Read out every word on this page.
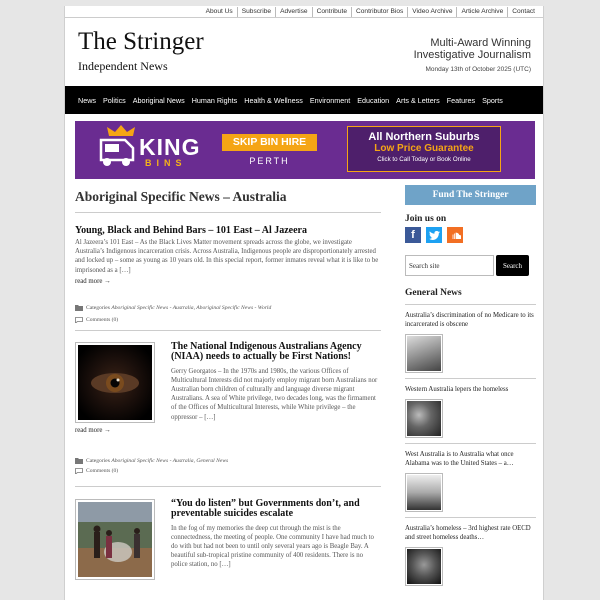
About Us	Subscribe	Advertise	Contribute	Contributor Bios	Video Archive	Article Archive	Contact
The Stringer
Independent News
Multi-Award Winning
Investigative Journalism
Monday 13th of October 2025 (UTC)
News Politics Aboriginal News Human Rights Health & Wellness Environment Education Arts & Letters Features Sports
KING
BINS
SKIP BIN HIRE
PERTH
All Northern Suburbs
Low Price Guarantee
Click to Call Today or Book Online
Aboriginal Specific News – Australia
Young, Black and Behind Bars – 101 East – Al Jazeera
Al Jazeera’s 101 East – As the Black Lives Matter movement spreads across the globe, we investigate Australia’s Indigenous incarceration crisis. Across Australia, Indigenous people are disproportionately arrested and locked up – some as young as 10 years old. In this special report, former inmates reveal what it is like to be imprisoned as a […]
read more →
Categories Aboriginal Specific News - Australia, Aboriginal Specific News - World
Comments (0)
The National Indigenous Australians Agency (NIAA) needs to actually be First Nations!
Gerry Georgatos – In the 1970s and 1980s, the various Offices of Multicultural Interests did not majorly employ migrant born Australians nor Australian born children of culturally and language diverse migrant Australians. A sea of White privilege, two decades long, was the firmament of the Offices of Multicultural Interests, while White privilege – the oppressor – […]
read more →
Categories Aboriginal Specific News - Australia, General News
Comments (0)
“You do listen” but Governments don’t, and preventable suicides escalate
In the fog of my memories the deep cut through the mist is the connectedness, the meeting of people. One community I have had much to do with but had not been to until only several years ago is Beagle Bay. A beautiful sub-tropical pristine community of 400 residents. There is no police station, no […]
Fund The Stringer
Join us on
f
Search site
Search
General News
Australia’s discrimination of no Medicare to its incarcerated is obscene
Western Australia lepers the homeless
West Australia is to Australia what once Alabama was to the United States – a…
Australia’s homeless – 3rd highest rate OECD and street homeless deaths…
